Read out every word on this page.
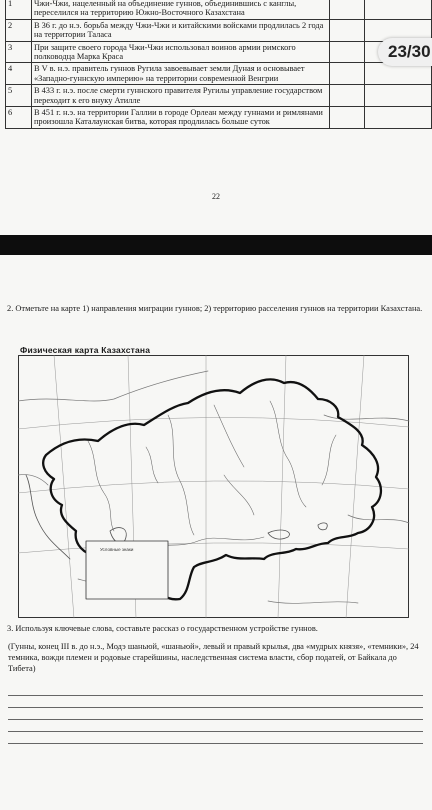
1	Чжи-Чжи, нацеленный на объединение гуннов, объединившись с канглы, переселился на территорию Южно-Восточного Казахстана		
2	В 36 г. до н.э. борьба между Чжи-Чжи и китайскими войсками продлилась 2 года на территории Таласа		
3	При защите своего города Чжи-Чжи использовал воинов армии римского полководца Марка Краса		
4	В V в. н.э. правитель гуннов Ругила завоевывает земли Дуная и основывает «Западно-гуннскую империю» на территории современной Венгрии		
5	В 433 г. н.э. после смерти гуннского правителя Ругилы управление государством переходит к его внуку Атилле		
6	В 451 г. н.э. на территории Галлии в городе Орлеан между гуннами и римлянами произошла Каталаунская битва, которая продлилась больше суток		
22
23/30
2. Отметьте на карте 1) направления миграции гуннов; 2) территорию расселения гуннов на территории Казахстана.
Физическая карта Казахстана
Условные знаки
3. Используя ключевые слова, составьте рассказ о государственном устройстве гуннов.
(Гунны, конец III в. до н.э., Модэ шаньюй, «шаньюй», левый и правый крылья, два «мудрых князя», «темники», 24 темника, вожди племен и родовые старейшины, наследственная система власти, сбор податей, от Байкала до Тибета)
